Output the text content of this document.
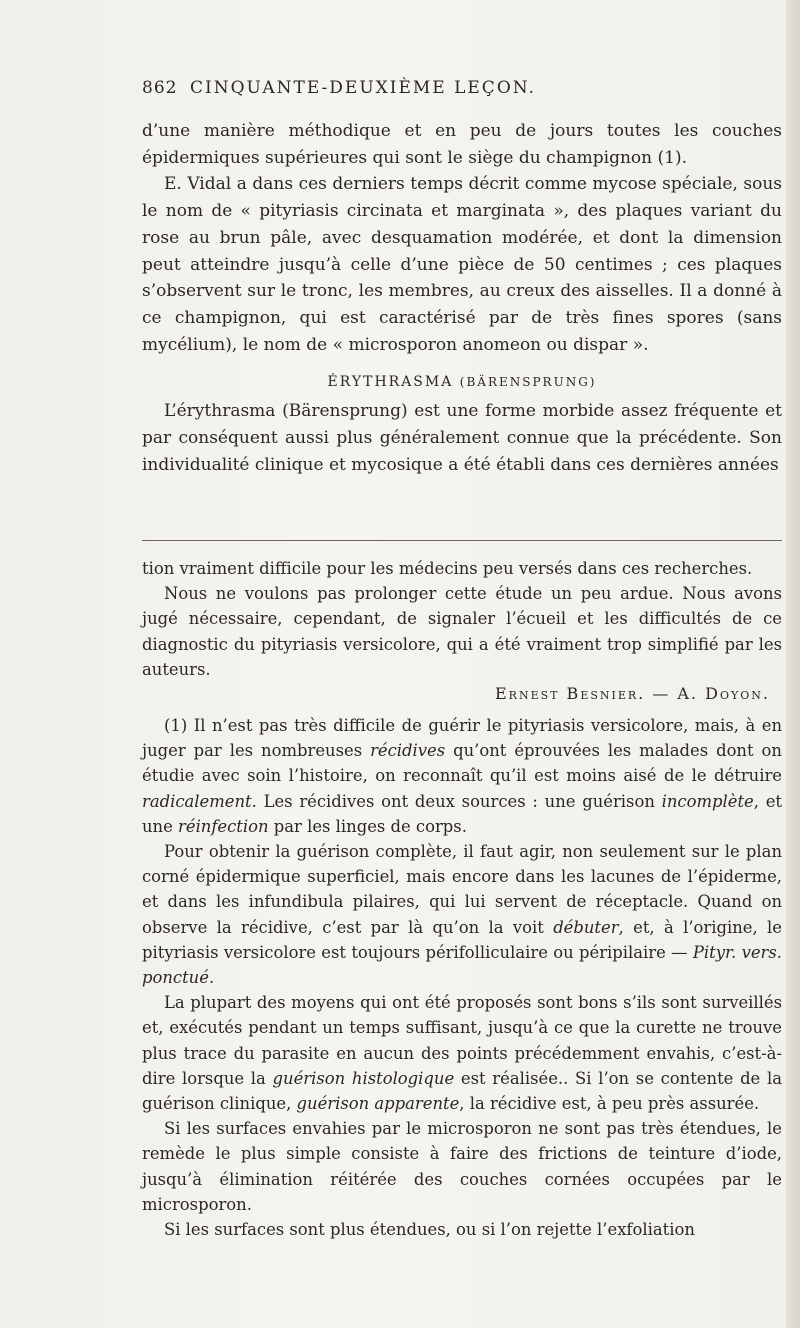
862 CINQUANTE-DEUXIÈME LEÇON.

d’une manière méthodique et en peu de jours toutes les couches épidermiques supérieures qui sont le siège du champignon (1).

E. Vidal a dans ces derniers temps décrit comme mycose spéciale, sous le nom de « pityriasis circinata et marginata », des plaques variant du rose au brun pâle, avec desquamation modérée, et dont la dimension peut atteindre jusqu’à celle d’une pièce de 50 centimes ; ces plaques s’observent sur le tronc, les membres, au creux des aisselles. Il a donné à ce champignon, qui est caractérisé par de très fines spores (sans mycélium), le nom de « microsporon anomeon ou dispar ».

ÉRYTHRASMA (BÄRENSPRUNG)

L’érythrasma (Bärensprung) est une forme morbide assez fréquente et par conséquent aussi plus généralement connue que la précédente. Son individualité clinique et mycosique a été établi dans ces dernières années

tion vraiment difficile pour les médecins peu versés dans ces recherches.

Nous ne voulons pas prolonger cette étude un peu ardue. Nous avons jugé nécessaire, cependant, de signaler l’écueil et les difficultés de ce diagnostic du pityriasis versicolore, qui a été vraiment trop simplifié par les auteurs.

Ernest Besnier. — A. Doyon.

(1) Il n’est pas très difficile de guérir le pityriasis versicolore, mais, à en juger par les nombreuses récidives qu’ont éprouvées les malades dont on étudie avec soin l’histoire, on reconnaît qu’il est moins aisé de le détruire radicalement. Les récidives ont deux sources : une guérison incomplète, et une réinfection par les linges de corps.

Pour obtenir la guérison complète, il faut agir, non seulement sur le plan corné épidermique superficiel, mais encore dans les lacunes de l’épiderme, et dans les infundibula pilaires, qui lui servent de réceptacle. Quand on observe la récidive, c’est par là qu’on la voit débuter, et, à l’origine, le pityriasis versicolore est toujours périfolliculaire ou péripilaire — Pityr. vers. ponctué.

La plupart des moyens qui ont été proposés sont bons s’ils sont surveillés et, exécutés pendant un temps suffisant, jusqu’à ce que la curette ne trouve plus trace du parasite en aucun des points précédemment envahis, c’est-à-dire lorsque la guérison histologique est réalisée.. Si l’on se contente de la guérison clinique, guérison apparente, la récidive est, à peu près assurée.

Si les surfaces envahies par le microsporon ne sont pas très étendues, le remède le plus simple consiste à faire des frictions de teinture d’iode, jusqu’à élimination réitérée des couches cornées occupées par le microsporon.

Si les surfaces sont plus étendues, ou si l’on rejette l’exfoliation
